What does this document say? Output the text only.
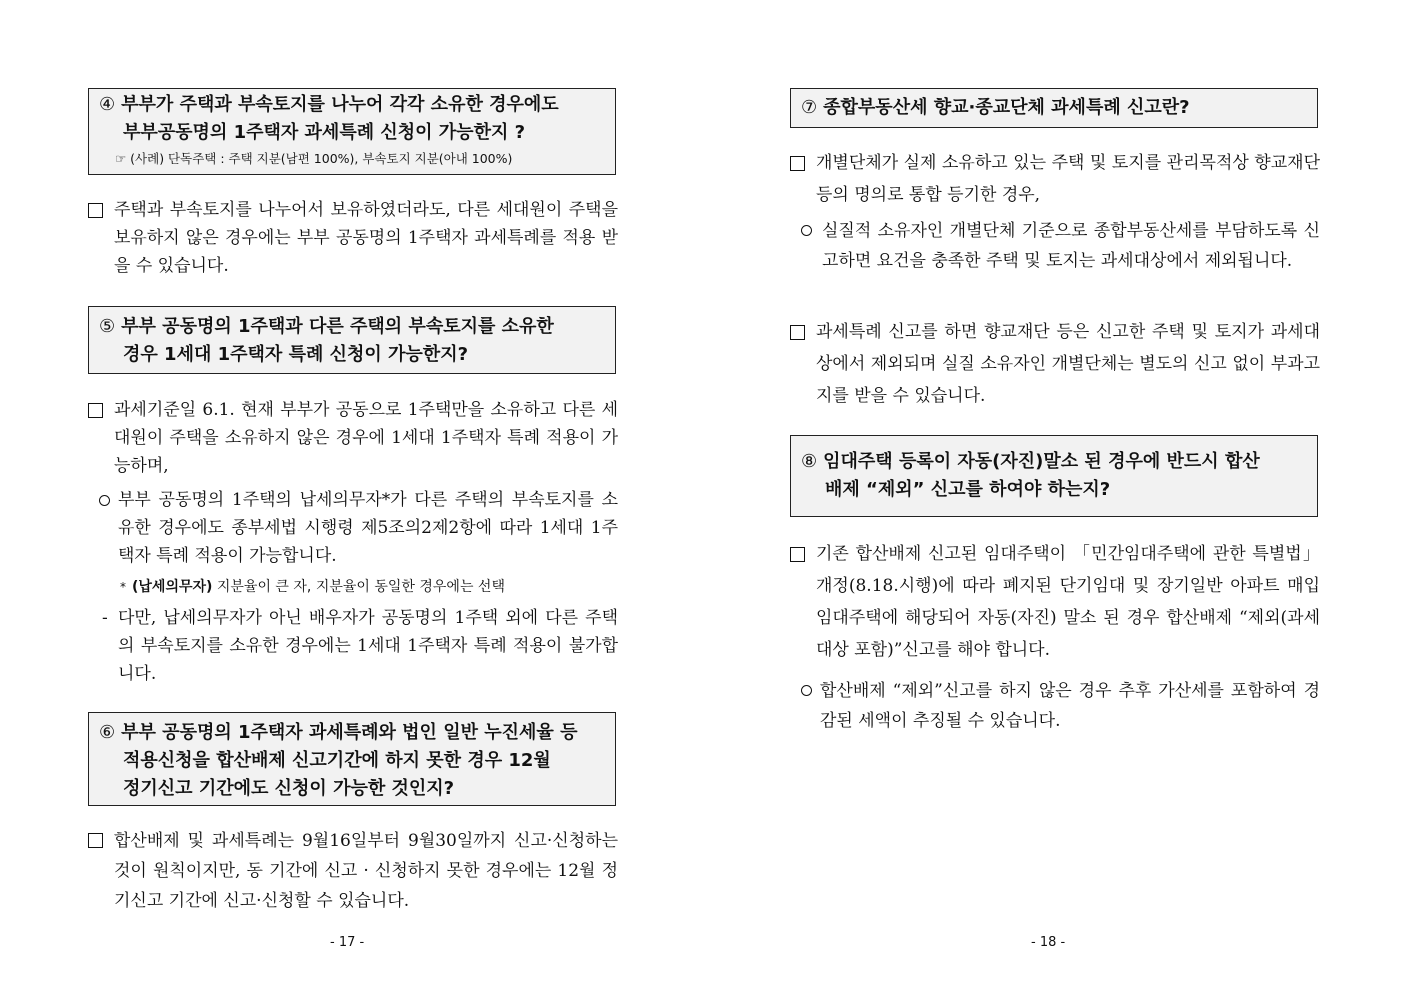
④ 부부가 주택과 부속토지를 나누어 각각 소유한 경우에도
부부공동명의 1주택자 과세특례 신청이 가능한지 ?
☞ (사례) 단독주택 : 주택 지분(남편 100%), 부속토지 지분(아내 100%)
주택과 부속토지를 나누어서 보유하였더라도, 다른 세대원이 주택을 보유하지 않은 경우에는 부부 공동명의 1주택자 과세특례를 적용 받을 수 있습니다.
⑤ 부부 공동명의 1주택과 다른 주택의 부속토지를 소유한
경우 1세대 1주택자 특례 신청이 가능한지?
과세기준일 6.1. 현재 부부가 공동으로 1주택만을 소유하고 다른 세대원이 주택을 소유하지 않은 경우에 1세대 1주택자 특례 적용이 가능하며,
부부 공동명의 1주택의 납세의무자*가 다른 주택의 부속토지를 소유한 경우에도 종부세법 시행령 제5조의2제2항에 따라 1세대 1주택자 특례 적용이 가능합니다.
* (납세의무자) 지분율이 큰 자, 지분율이 동일한 경우에는 선택
- 다만, 납세의무자가 아닌 배우자가 공동명의 1주택 외에 다른 주택의 부속토지를 소유한 경우에는 1세대 1주택자 특례 적용이 불가합니다.
⑥ 부부 공동명의 1주택자 과세특례와 법인 일반 누진세율 등
적용신청을 합산배제 신고기간에 하지 못한 경우 12월
정기신고 기간에도 신청이 가능한 것인지?
합산배제 및 과세특례는 9월16일부터 9월30일까지 신고·신청하는 것이 원칙이지만, 동 기간에 신고 · 신청하지 못한 경우에는 12월 정기신고 기간에 신고·신청할 수 있습니다.
- 17 -
⑦ 종합부동산세 향교·종교단체 과세특례 신고란?
개별단체가 실제 소유하고 있는 주택 및 토지를 관리목적상 향교재단 등의 명의로 통합 등기한 경우,
실질적 소유자인 개별단체 기준으로 종합부동산세를 부담하도록 신고하면 요건을 충족한 주택 및 토지는 과세대상에서 제외됩니다.
과세특례 신고를 하면 향교재단 등은 신고한 주택 및 토지가 과세대상에서 제외되며 실질 소유자인 개별단체는 별도의 신고 없이 부과고지를 받을 수 있습니다.
⑧ 임대주택 등록이 자동(자진)말소 된 경우에 반드시 합산
배제 “제외” 신고를 하여야 하는지?
기존 합산배제 신고된 임대주택이 「민간임대주택에 관한 특별법」 개정(8.18.시행)에 따라 폐지된 단기임대 및 장기일반 아파트 매입임대주택에 해당되어 자동(자진) 말소 된 경우 합산배제 “제외(과세대상 포함)”신고를 해야 합니다.
합산배제 “제외”신고를 하지 않은 경우 추후 가산세를 포함하여 경감된 세액이 추징될 수 있습니다.
- 18 -
